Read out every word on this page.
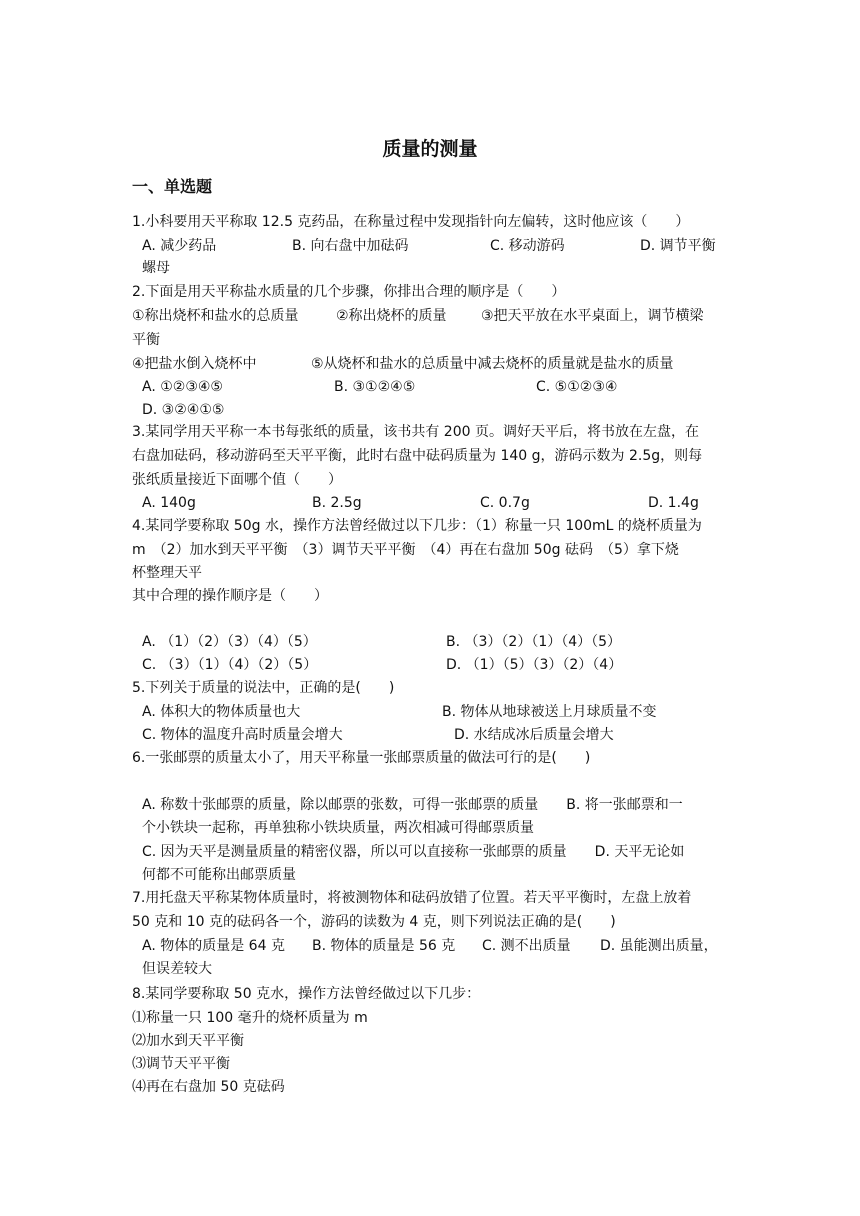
质量的测量
一、单选题
1.小科要用天平称取 12.5 克药品，在称量过程中发现指针向左偏转，这时他应该（　　）
A. 减少药品	B. 向右盘中加砝码	C. 移动游码	D. 调节平衡
螺母
2.下面是用天平称盐水质量的几个步骤，你排出合理的顺序是（　　）
①称出烧杯和盐水的总质量	②称出烧杯的质量 ③把天平放在水平桌面上，调节横梁
平衡
④把盐水倒入烧杯中	⑤从烧杯和盐水的总质量中减去烧杯的质量就是盐水的质量
A. ①②③④⑤	B. ③①②④⑤	C. ⑤①②③④
D. ③②④①⑤
3.某同学用天平称一本书每张纸的质量，该书共有 200 页。调好天平后，将书放在左盘，在
右盘加砝码，移动游码至天平平衡，此时右盘中砝码质量为 140 g，游码示数为 2.5g，则每
张纸质量接近下面哪个值（　　）
A. 140g	B. 2.5g	C. 0.7g	D. 1.4g
4.某同学要称取 50g 水，操作方法曾经做过以下几步：（1）称量一只 100mL 的烧杯质量为
m　（2）加水到天平平衡　（3）调节天平平衡　（4）再在右盘加 50g 砝码　（5）拿下烧
杯整理天平
其中合理的操作顺序是（　　）
A. （1）（2）（3）（4）（5）	B. （3）（2）（1）（4）（5）
C. （3）（1）（4）（2）（5）	D. （1）（5）（3）（2）（4）
5.下列关于质量的说法中，正确的是(　　)
A. 体积大的物体质量也大	B. 物体从地球被送上月球质量不变
C. 物体的温度升高时质量会增大	D. 水结成冰后质量会增大
6.一张邮票的质量太小了，用天平称量一张邮票质量的做法可行的是(　　)
A. 称数十张邮票的质量，除以邮票的张数，可得一张邮票的质量　　B. 将一张邮票和一
个小铁块一起称，再单独称小铁块质量，两次相减可得邮票质量
C. 因为天平是测量质量的精密仪器，所以可以直接称一张邮票的质量　　D. 天平无论如
何都不可能称出邮票质量
7.用托盘天平称某物体质量时，将被测物体和砝码放错了位置。若天平平衡时，左盘上放着
50 克和 10 克的砝码各一个，游码的读数为 4 克，则下列说法正确的是(　　)
A. 物体的质量是 64 克 B. 物体的质量是 56 克 C. 测不出质量 D. 虽能测出质量，
但误差较大
8.某同学要称取 50 克水，操作方法曾经做过以下几步：
⑴称量一只 100 毫升的烧杯质量为 m
⑵加水到天平平衡
⑶调节天平平衡
⑷再在右盘加 50 克砝码
